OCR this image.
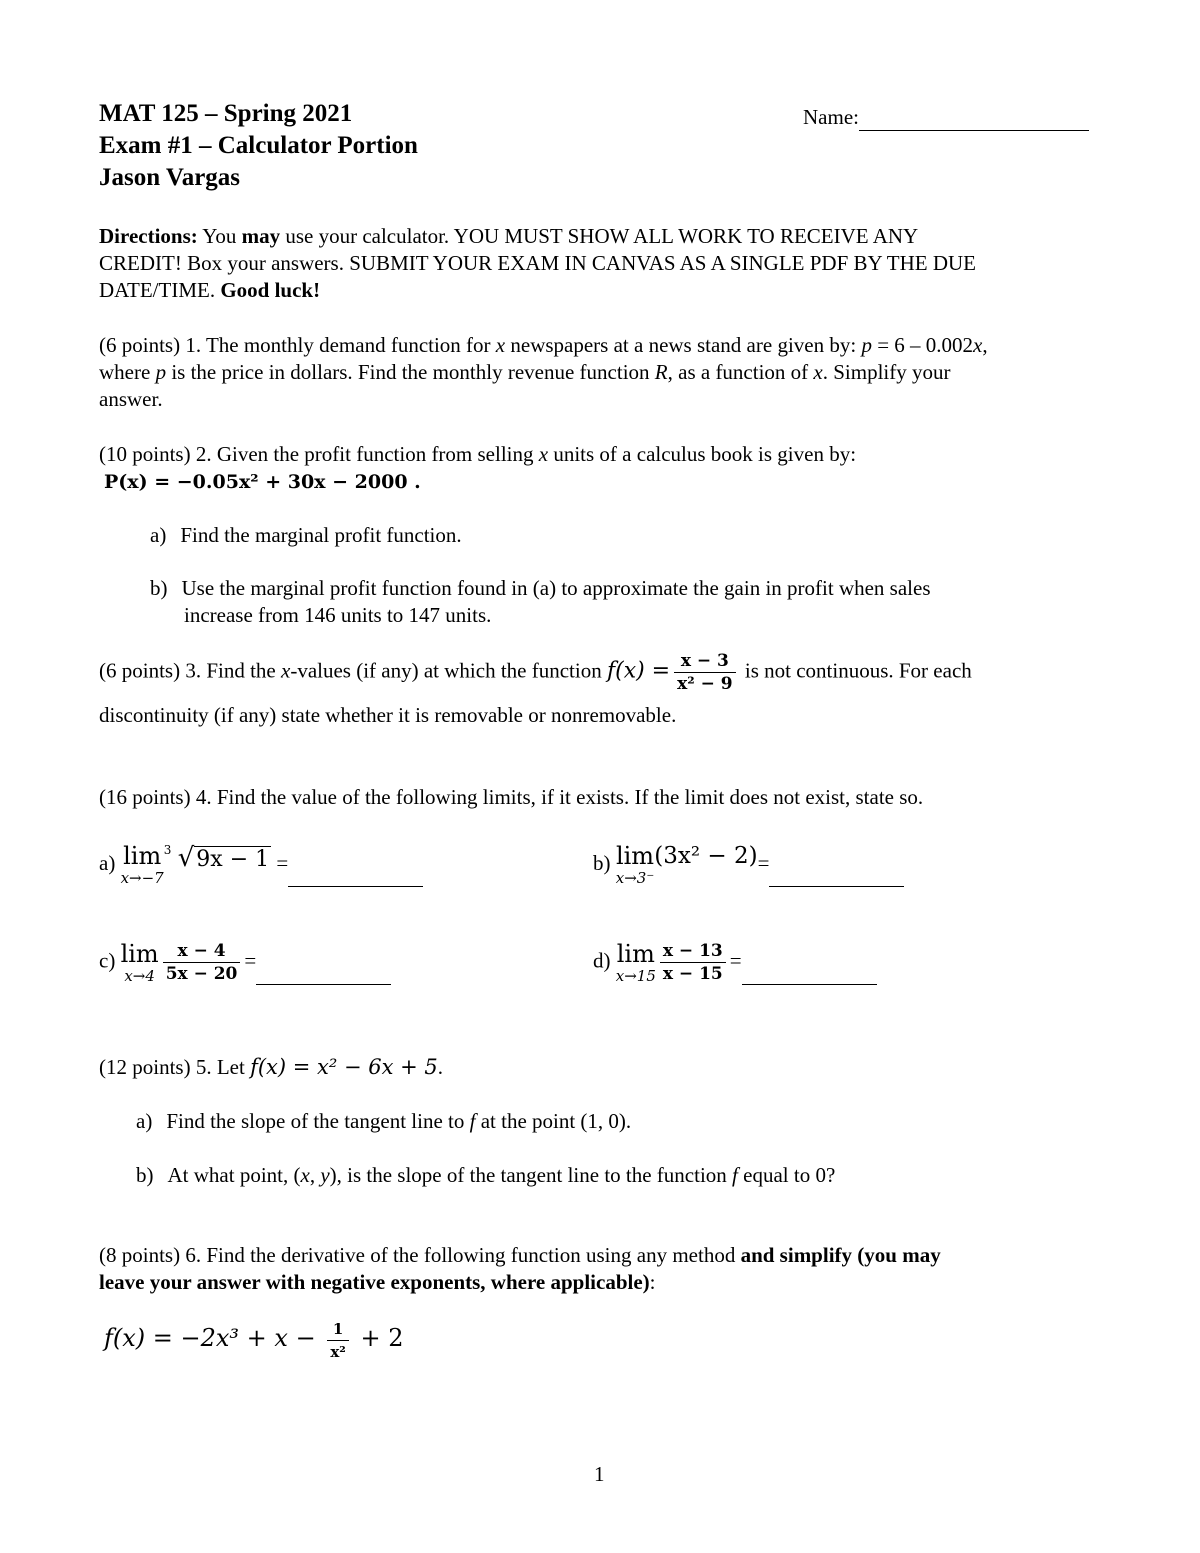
MAT 125 – Spring 2021
Exam #1 – Calculator Portion
Jason Vargas
Name:
Directions: You may use your calculator. YOU MUST SHOW ALL WORK TO RECEIVE ANY
CREDIT! Box your answers. SUBMIT YOUR EXAM IN CANVAS AS A SINGLE PDF BY THE DUE
DATE/TIME. Good luck!
(6 points) 1. The monthly demand function for x newspapers at a news stand are given by: p = 6 – 0.002x,
where p is the price in dollars. Find the monthly revenue function R, as a function of x. Simplify your
answer.
(10 points) 2. Given the profit function from selling x units of a calculus book is given by:
P(x) = −0.05x² + 30x − 2000 .
a) Find the marginal profit function.
b) Use the marginal profit function found in (a) to approximate the gain in profit when sales
increase from 146 units to 147 units.
(6 points) 3. Find the x-values (if any) at which the function $f(x) = \frac{x - 3}{\text{x² − 9}}$ is not continuous. For each
discontinuity (if any) state whether it is removable or nonremovable.
(16 points) 4. Find the value of the following limits, if it exists. If the limit does not exist, state so.
a) lim
x→−7
3 √9x − 1 =	b) lim
x→3⁻
(3x² − 2)=
c) lim
$x\to 4 \frac{x - 4}{5x - 20}$ =	d) lim
$x\to 15 \frac{x - 13}{x - 15}$ =
(12 points) 5. Let f(x) = x² − 6x + 5.
a) Find the slope of the tangent line to f at the point (1, 0).
b) At what point, (x, y), is the slope of the tangent line to the function f equal to 0?
(8 points) 6. Find the derivative of the following function using any method and simplify (you may
leave your answer with negative exponents, where applicable):
$f(x) = -2x^3 + x - \frac{1}{\text{x²}} + 2$
1
